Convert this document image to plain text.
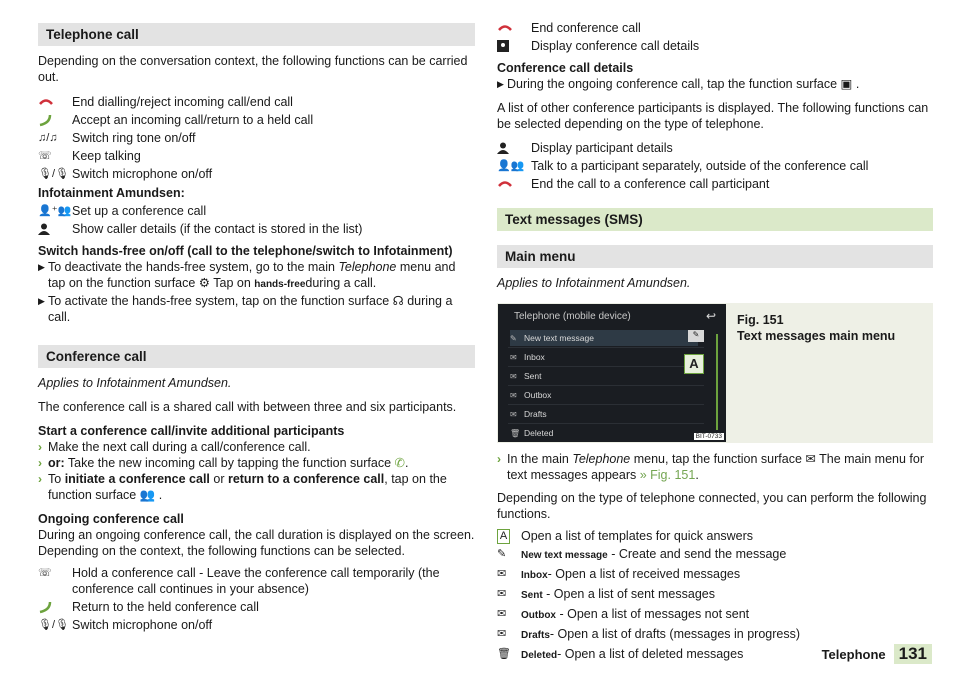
Telephone call

Depending on the conversation context, the following functions can be carried out.

End dialling/reject incoming call/end call
Accept an incoming call/return to a held call
♫/♫	Switch ring tone on/off
☏	Keep talking
🎙/🎙 Switch microphone on/off

Infotainment Amundsen:

👤⁺👥 Set up a conference call
Show caller details (if the contact is stored in the list)

Switch hands-free on/off (call to the telephone/switch to Infotainment)

▶ To deactivate the hands-free system, go to the main Telephone menu and tap on the function surface ⚙ Tap on hands-freeduring a call.
▶ To activate the hands-free system, tap on the function surface ☊ during a call.
Conference call

Applies to Infotainment Amundsen.

The conference call is a shared call with between three and six participants.

Start a conference call/invite additional participants

› Make the next call during a call/conference call.
› or: Take the new incoming call by tapping the function surface ✆.
› To initiate a conference call or return to a conference call, tap on the function surface 👥 .

Ongoing conference call

During an ongoing conference call, the call duration is displayed on the screen. Depending on the context, the following functions can be selected.

☏	Hold a conference call - Leave the conference call temporarily (the conference call continues in your absence)
Return to the held conference call
🎙/🎙 Switch microphone on/off
End conference call
Display conference call details

Conference call details

▶ During the ongoing conference call, tap the function surface ▣ .

A list of other conference participants is displayed. The following functions can be selected depending on the type of telephone.

Display participant details
👤👥 Talk to a participant separately, outside of the conference call
End the call to a conference call participant
Text messages (SMS)
Main menu

Applies to Infotainment Amundsen.

Telephone (mobile device)	↩
✎ New text message
✉ Inbox
✉ Sent
✉ Outbox
✉ Drafts
🗑 Deleted
✎
A
BIT-0733
Fig. 151
Text messages main menu
› In the main Telephone menu, tap the function surface ✉ The main menu for text messages appears » Fig. 151.

Depending on the type of telephone connected, you can perform the following functions.

A Open a list of templates for quick answers
✎	New text message - Create and send the message
✉	Inbox- Open a list of received messages
✉	Sent - Open a list of sent messages
✉	Outbox - Open a list of messages not sent
✉	Drafts- Open a list of drafts (messages in progress)
🗑	Deleted- Open a list of deleted messages	Telephone 131
